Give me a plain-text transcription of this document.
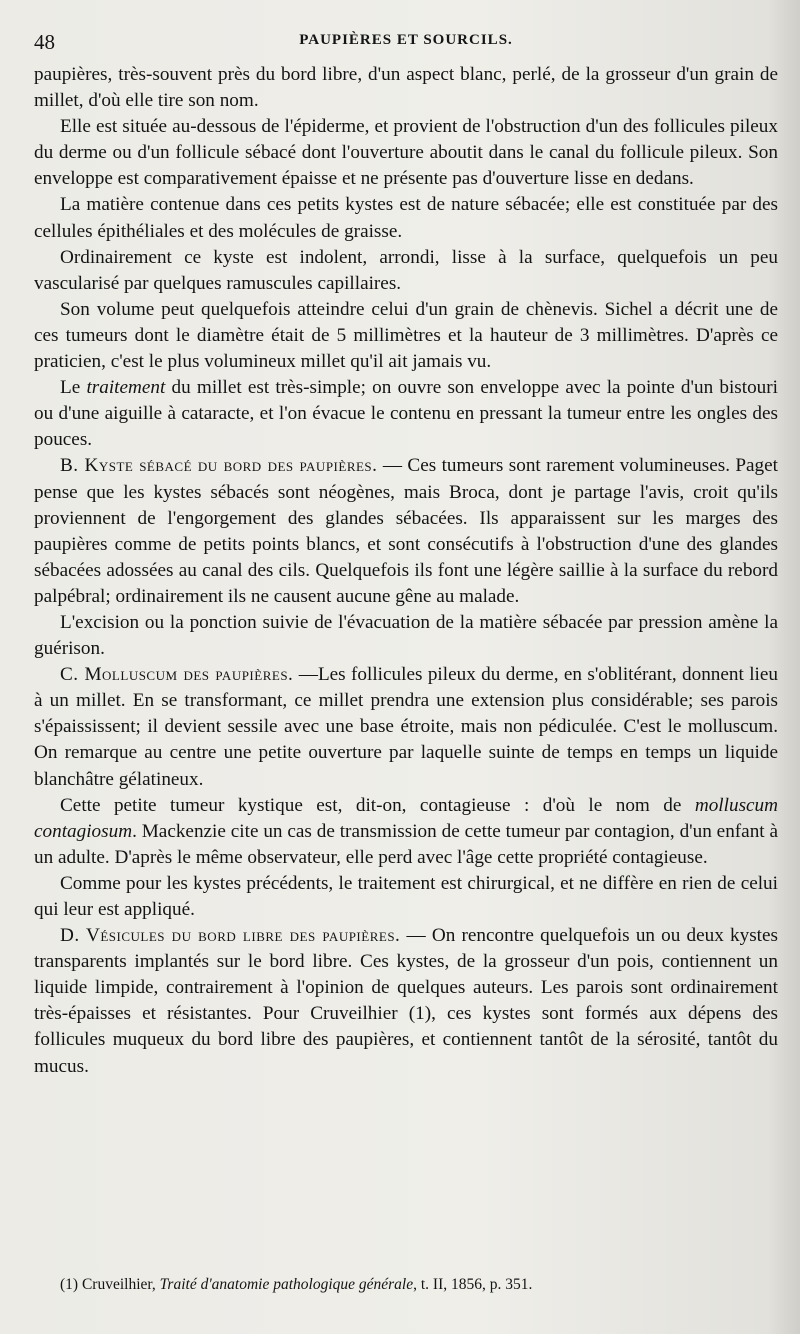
48	PAUPIÈRES ET SOURCILS.

paupières, très-souvent près du bord libre, d'un aspect blanc, perlé, de la grosseur d'un grain de millet, d'où elle tire son nom.

Elle est située au-dessous de l'épiderme, et provient de l'obstruction d'un des follicules pileux du derme ou d'un follicule sébacé dont l'ouverture aboutit dans le canal du follicule pileux. Son enveloppe est comparativement épaisse et ne présente pas d'ouverture lisse en dedans.

La matière contenue dans ces petits kystes est de nature sébacée; elle est constituée par des cellules épithéliales et des molécules de graisse.

Ordinairement ce kyste est indolent, arrondi, lisse à la surface, quelquefois un peu vascularisé par quelques ramuscules capillaires.

Son volume peut quelquefois atteindre celui d'un grain de chènevis. Sichel a décrit une de ces tumeurs dont le diamètre était de 5 millimètres et la hauteur de 3 millimètres. D'après ce praticien, c'est le plus volumineux millet qu'il ait jamais vu.

Le traitement du millet est très-simple; on ouvre son enveloppe avec la pointe d'un bistouri ou d'une aiguille à cataracte, et l'on évacue le contenu en pressant la tumeur entre les ongles des pouces.

B. Kyste sébacé du bord des paupières. — Ces tumeurs sont rarement volumineuses. Paget pense que les kystes sébacés sont néogènes, mais Broca, dont je partage l'avis, croit qu'ils proviennent de l'engorgement des glandes sébacées. Ils apparaissent sur les marges des paupières comme de petits points blancs, et sont consécutifs à l'obstruction d'une des glandes sébacées adossées au canal des cils. Quelquefois ils font une légère saillie à la surface du rebord palpébral; ordinairement ils ne causent aucune gêne au malade.

L'excision ou la ponction suivie de l'évacuation de la matière sébacée par pression amène la guérison.

C. Molluscum des paupières. —Les follicules pileux du derme, en s'oblitérant, donnent lieu à un millet. En se transformant, ce millet prendra une extension plus considérable; ses parois s'épaississent; il devient sessile avec une base étroite, mais non pédiculée. C'est le molluscum. On remarque au centre une petite ouverture par laquelle suinte de temps en temps un liquide blanchâtre gélatineux.

Cette petite tumeur kystique est, dit-on, contagieuse : d'où le nom de molluscum contagiosum. Mackenzie cite un cas de transmission de cette tumeur par contagion, d'un enfant à un adulte. D'après le même observateur, elle perd avec l'âge cette propriété contagieuse.

Comme pour les kystes précédents, le traitement est chirurgical, et ne diffère en rien de celui qui leur est appliqué.

D. Vésicules du bord libre des paupières. — On rencontre quelquefois un ou deux kystes transparents implantés sur le bord libre. Ces kystes, de la grosseur d'un pois, contiennent un liquide limpide, contrairement à l'opinion de quelques auteurs. Les parois sont ordinairement très-épaisses et résistantes. Pour Cruveilhier (1), ces kystes sont formés aux dépens des follicules muqueux du bord libre des paupières, et contiennent tantôt de la sérosité, tantôt du mucus.

(1) Cruveilhier, Traité d'anatomie pathologique générale, t. II, 1856, p. 351.
